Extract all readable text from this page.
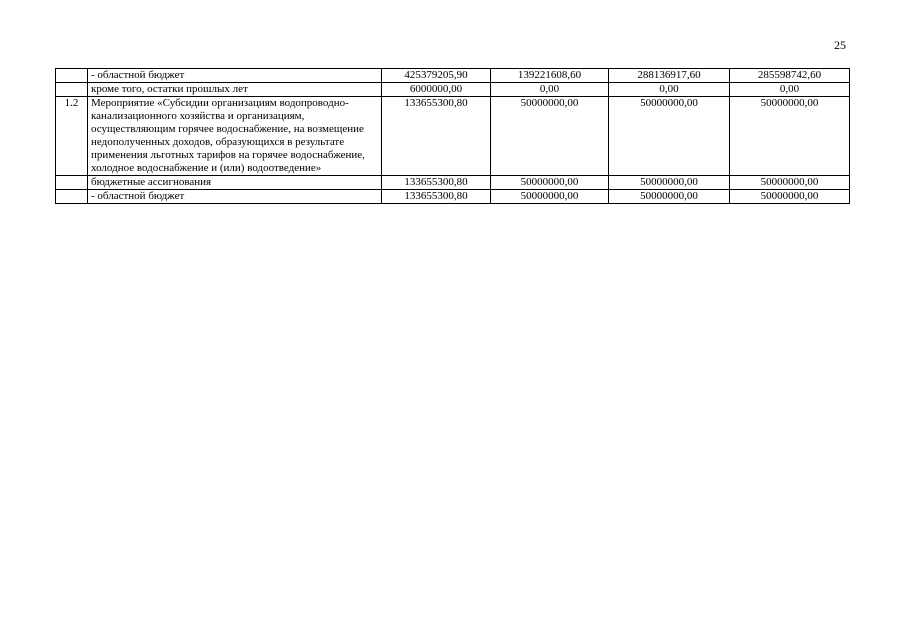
25
	- областной бюджет	425379205,90	139221608,60	288136917,60	285598742,60
	кроме того, остатки прошлых лет	6000000,00	0,00	0,00	0,00
1.2	Мероприятие «Субсидии организациям водопроводно-канализационного хозяйства и организациям, осуществляющим горячее водоснабжение, на возмещение недополученных доходов, образующихся в результате применения льготных тарифов на горячее водоснабжение, холодное водоснабжение и (или) водоотведение»	133655300,80	50000000,00	50000000,00	50000000,00
	бюджетные ассигнования	133655300,80	50000000,00	50000000,00	50000000,00
	- областной бюджет	133655300,80	50000000,00	50000000,00	50000000,00
